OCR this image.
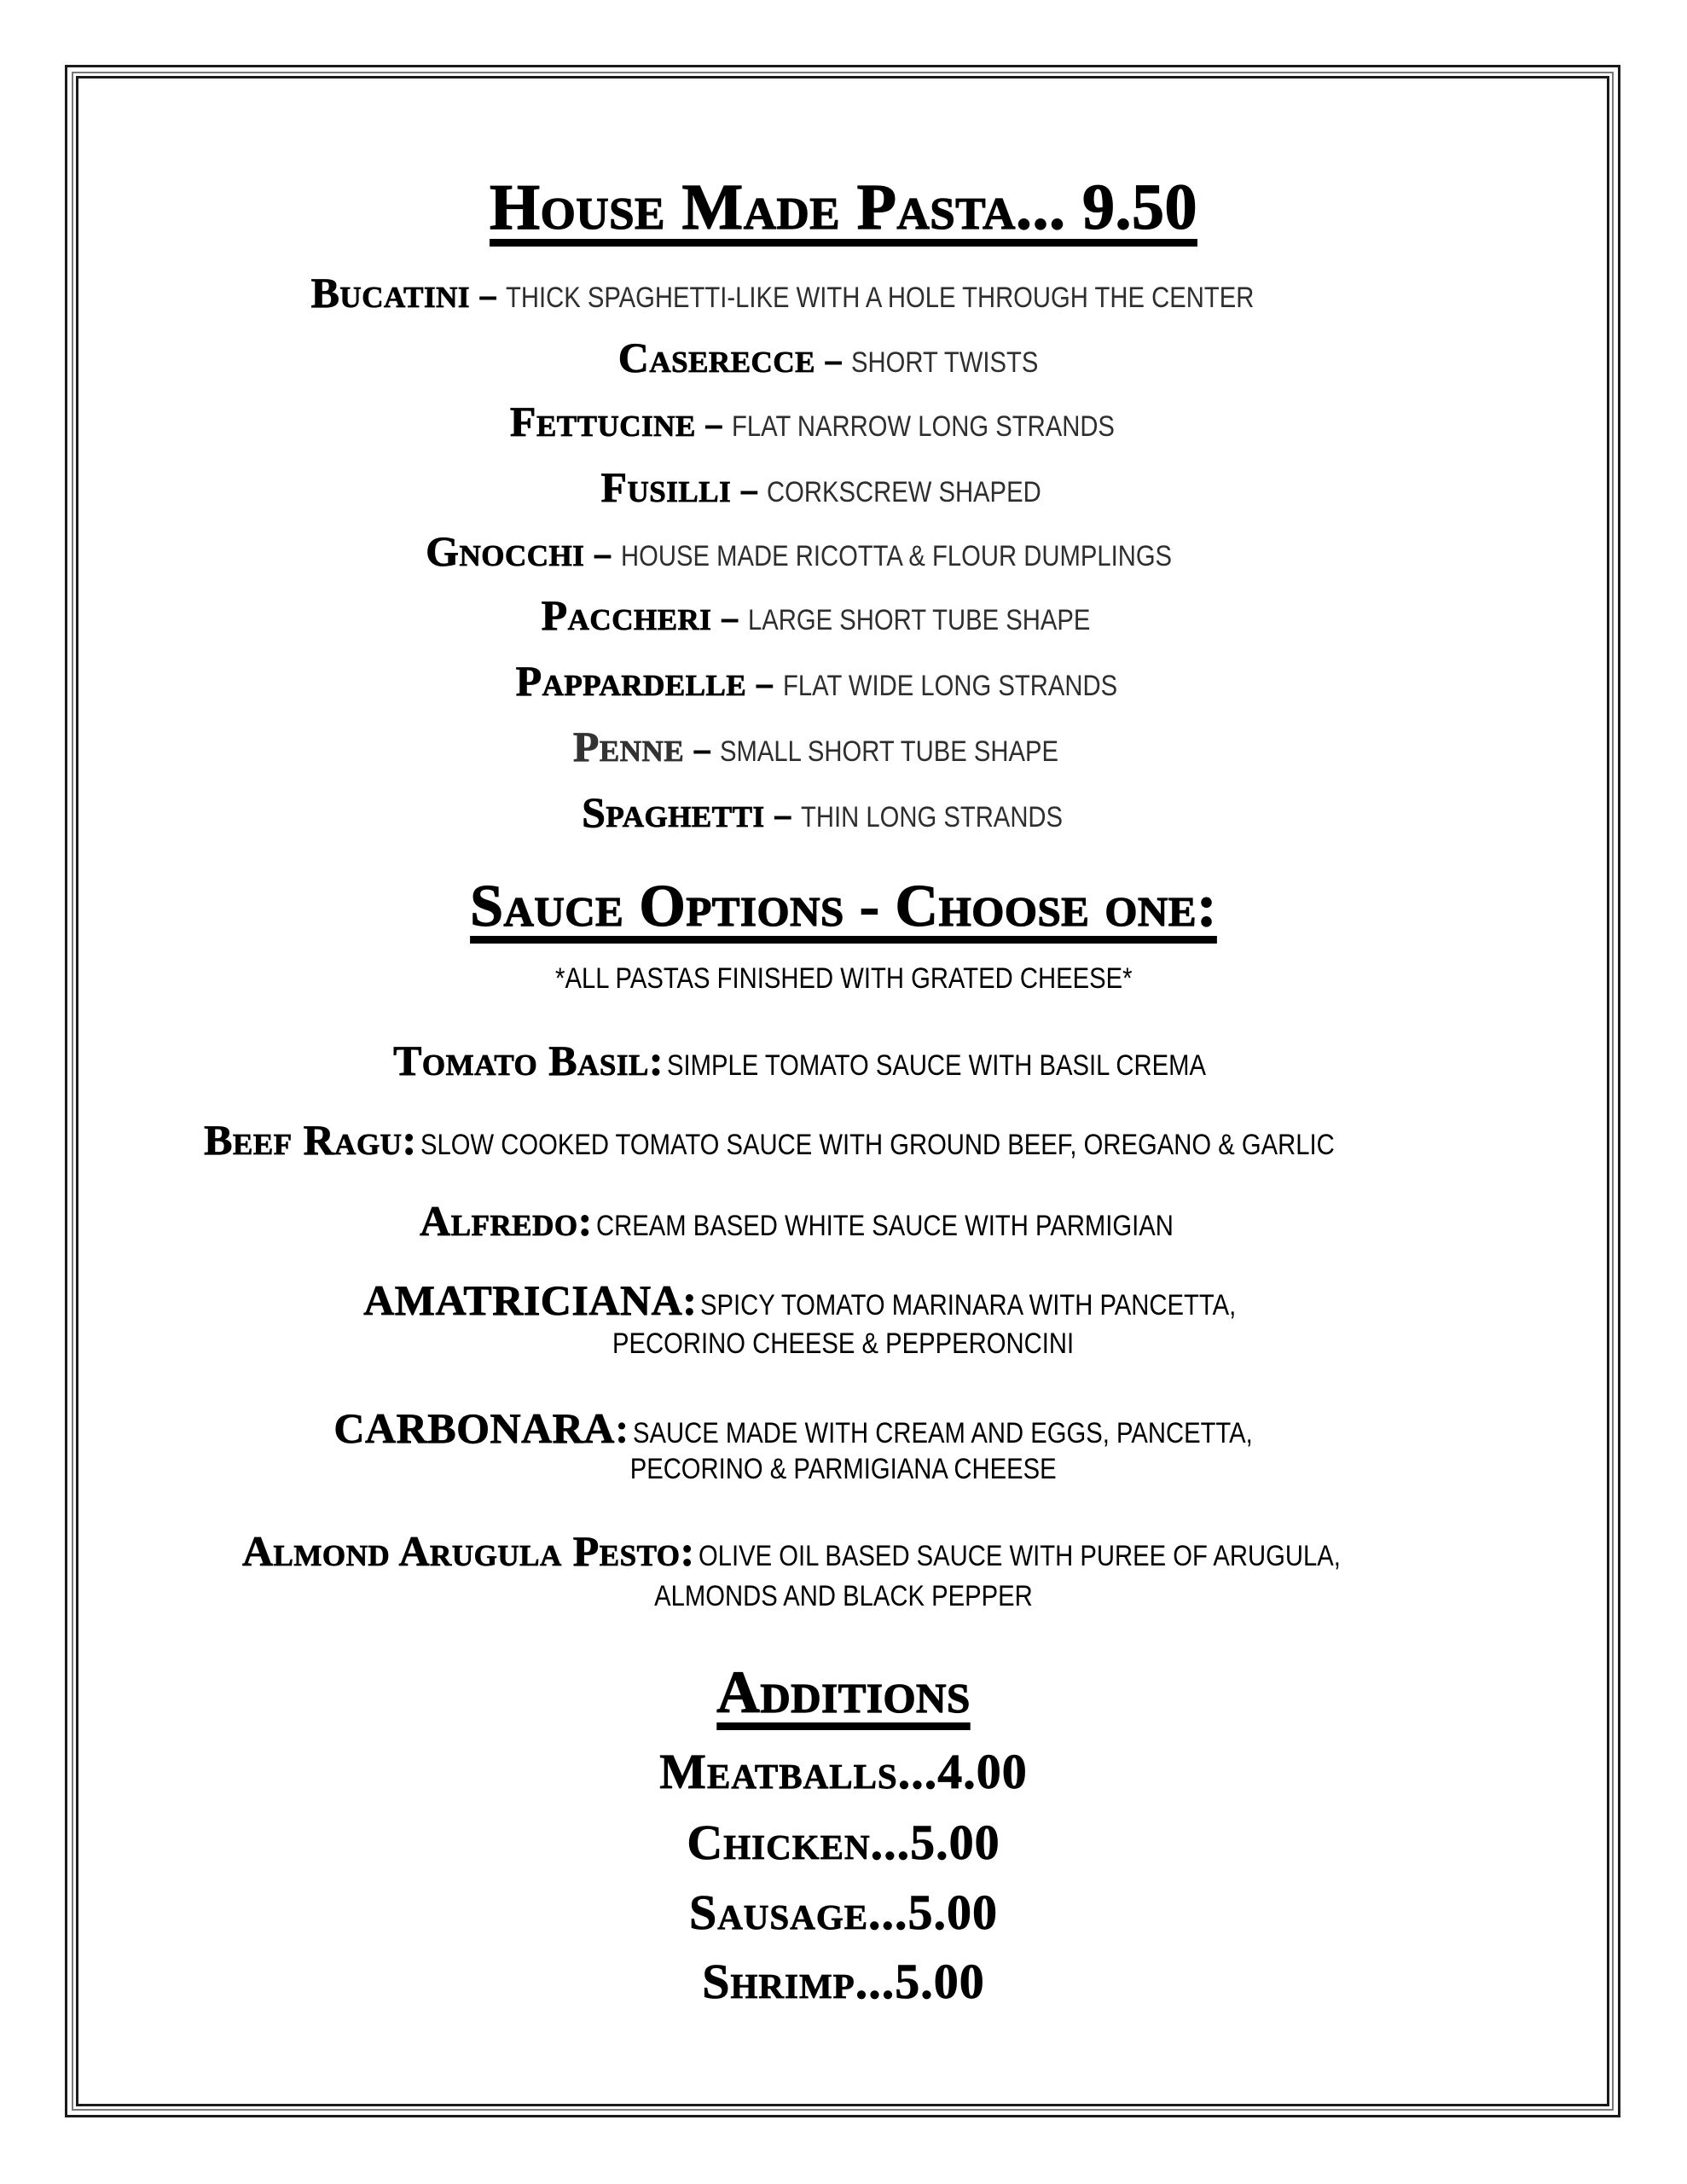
House Made Pasta... 9.50
Bucatini – THICK SPAGHETTI-LIKE WITH A HOLE THROUGH THE CENTER
Caserecce – SHORT TWISTS
Fettucine – FLAT NARROW LONG STRANDS
Fusilli – CORKSCREW SHAPED
Gnocchi – HOUSE MADE RICOTTA & FLOUR DUMPLINGS
Paccheri – LARGE SHORT TUBE SHAPE
Pappardelle – FLAT WIDE LONG STRANDS
Penne – SMALL SHORT TUBE SHAPE
Spaghetti – THIN LONG STRANDS
Sauce Options - Choose one:
*ALL PASTAS FINISHED WITH GRATED CHEESE*
Tomato Basil: SIMPLE TOMATO SAUCE WITH BASIL CREMA
Beef Ragu: SLOW COOKED TOMATO SAUCE WITH GROUND BEEF, OREGANO & GARLIC
Alfredo: CREAM BASED WHITE SAUCE WITH PARMIGIAN
AMATRICIANA: SPICY TOMATO MARINARA WITH PANCETTA,
PECORINO CHEESE & PEPPERONCINI
CARBONARA: SAUCE MADE WITH CREAM AND EGGS, PANCETTA,
PECORINO & PARMIGIANA CHEESE
Almond Arugula Pesto: OLIVE OIL BASED SAUCE WITH PUREE OF ARUGULA,
ALMONDS AND BLACK PEPPER
Additions
Meatballs...4.00
Chicken...5.00
Sausage...5.00
Shrimp...5.00
